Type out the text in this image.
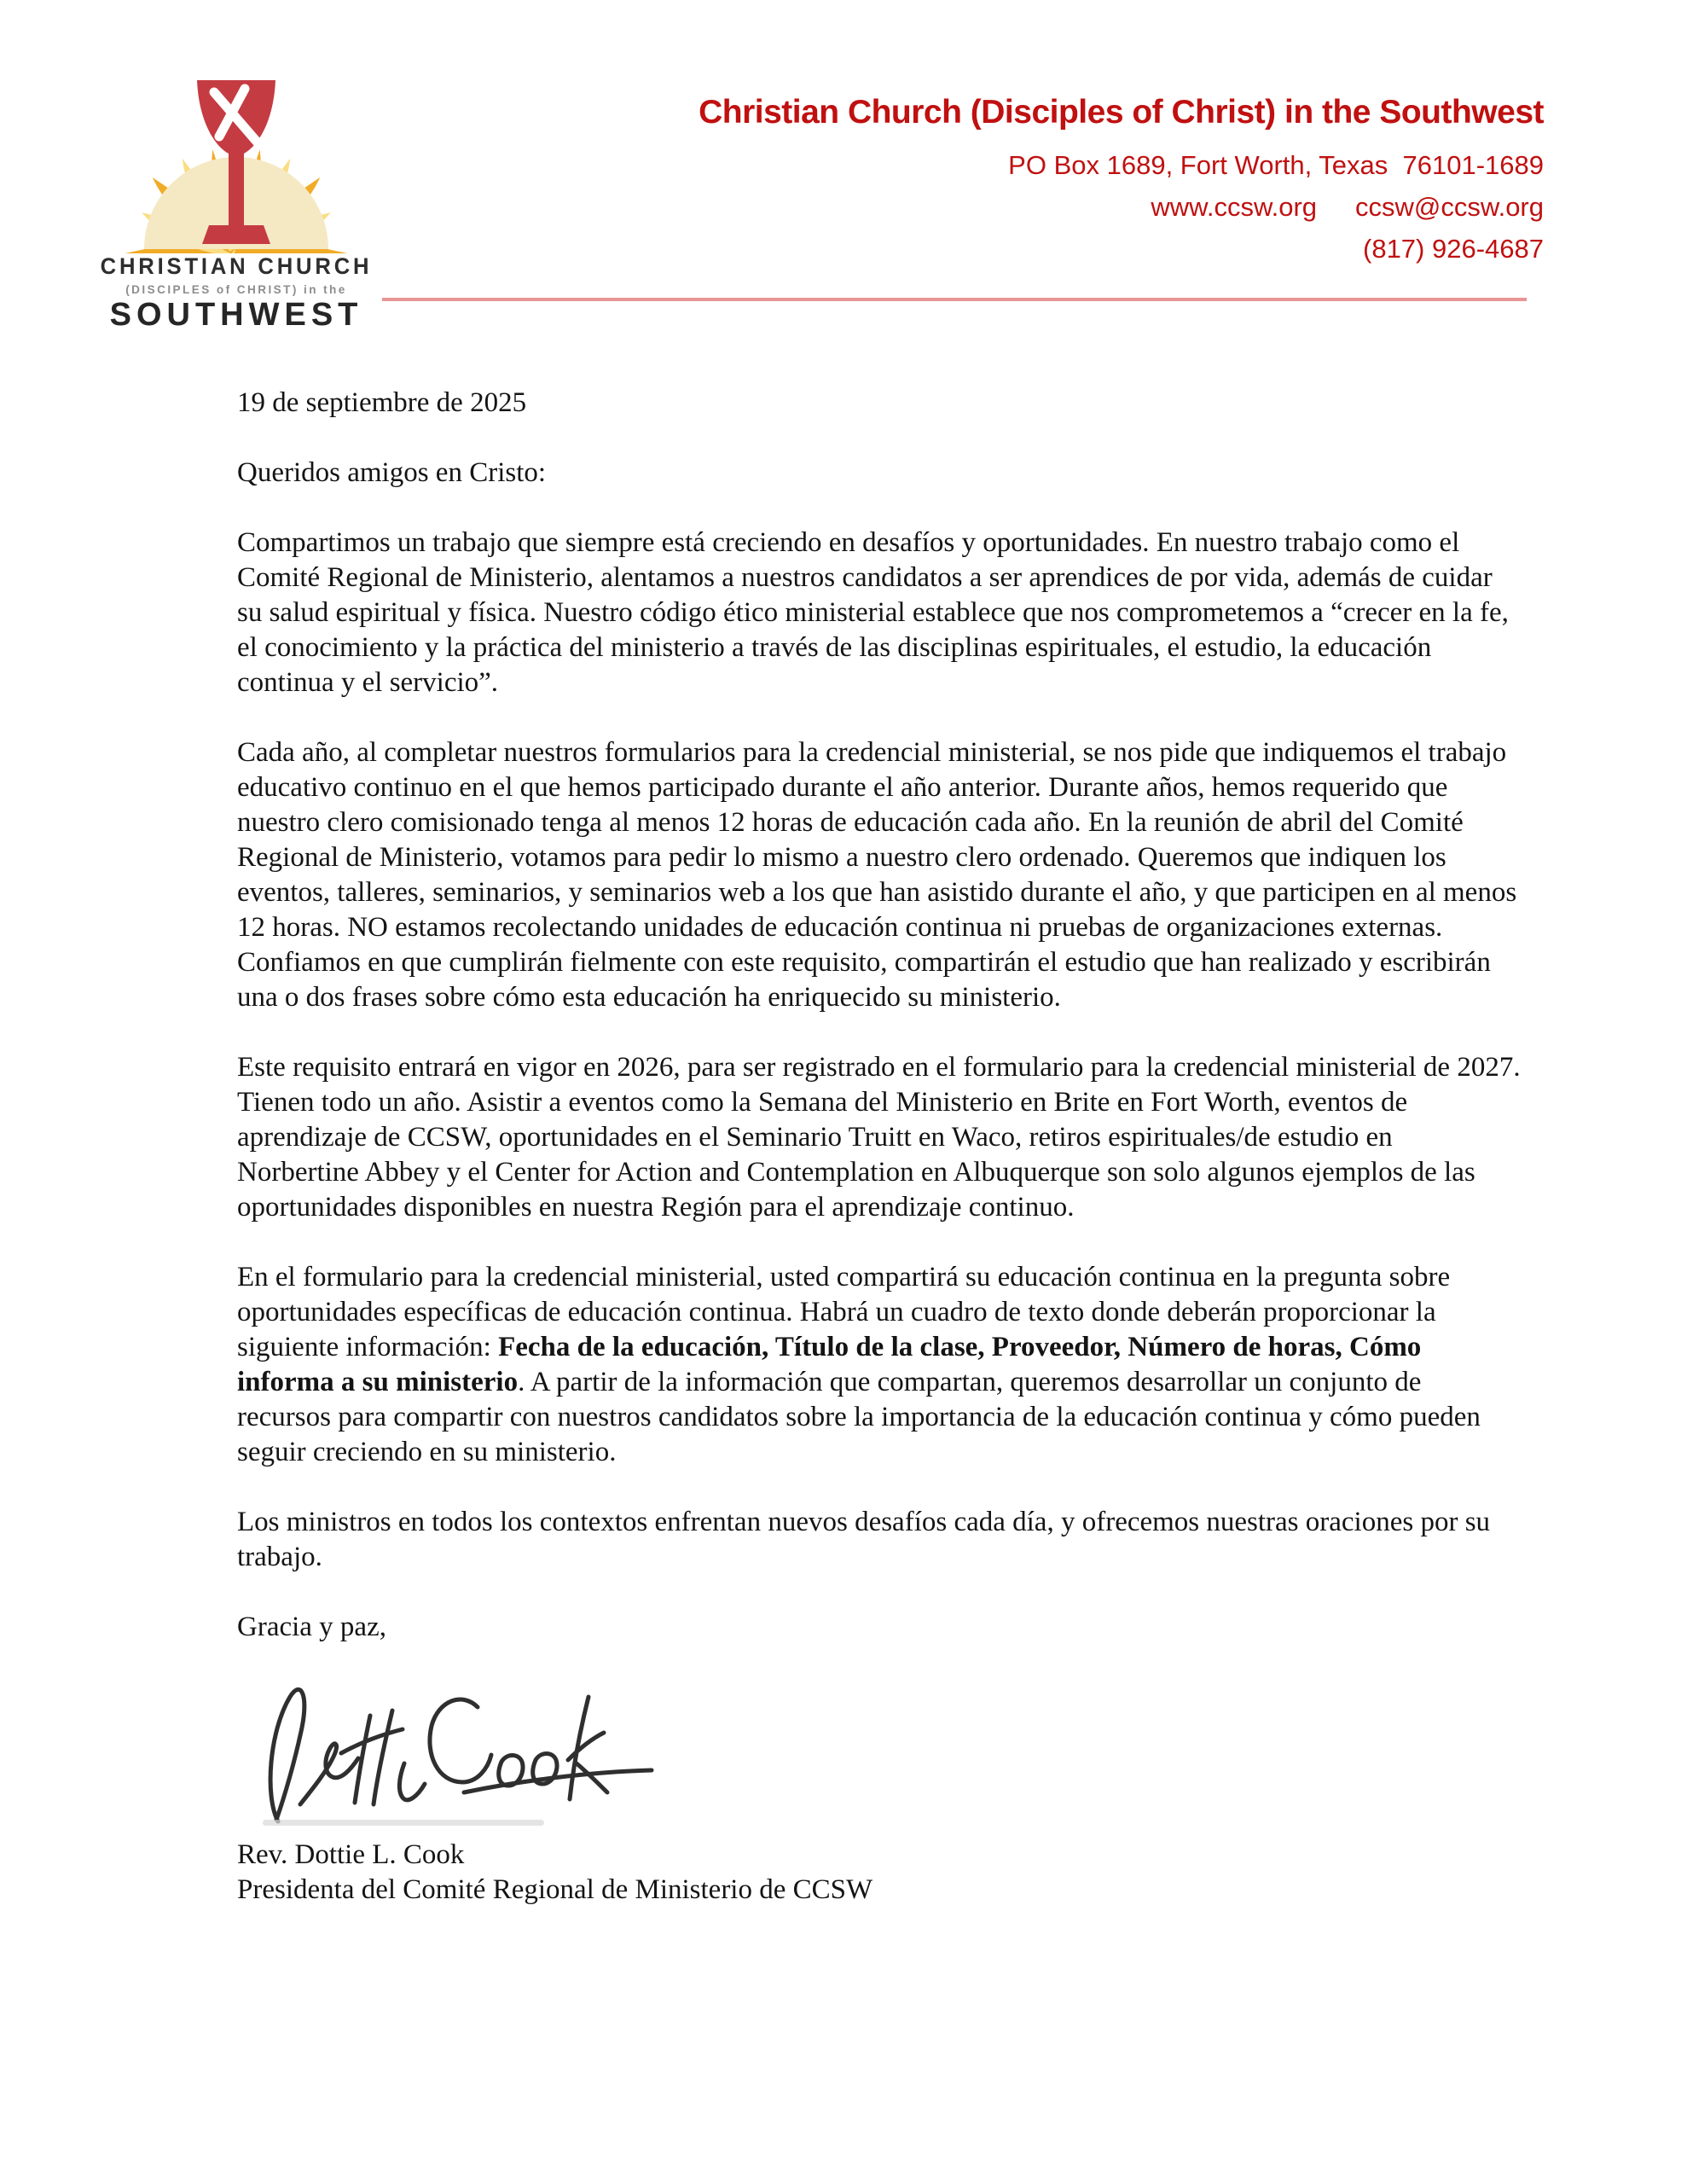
CHRISTIAN CHURCH
(DISCIPLES of CHRIST) in the
SOUTHWEST
Christian Church (Disciples of Christ) in the Southwest
PO Box 1689, Fort Worth, Texas  76101-1689
www.ccsw.org ccsw@ccsw.org
(817) 926-4687

19 de septiembre de 2025

Queridos amigos en Cristo:

Compartimos un trabajo que siempre está creciendo en desafíos y oportunidades. En nuestro trabajo como el Comité Regional de Ministerio, alentamos a nuestros candidatos a ser aprendices de por vida, además de cuidar su salud espiritual y física. Nuestro código ético ministerial establece que nos comprometemos a “crecer en la fe, el conocimiento y la práctica del ministerio a través de las disciplinas espirituales, el estudio, la educación continua y el servicio”.

Cada año, al completar nuestros formularios para la credencial ministerial, se nos pide que indiquemos el trabajo educativo continuo en el que hemos participado durante el año anterior. Durante años, hemos requerido que nuestro clero comisionado tenga al menos 12 horas de educación cada año. En la reunión de abril del Comité Regional de Ministerio, votamos para pedir lo mismo a nuestro clero ordenado. Queremos que indiquen los eventos, talleres, seminarios, y seminarios web a los que han asistido durante el año, y que participen en al menos 12 horas. NO estamos recolectando unidades de educación continua ni pruebas de organizaciones externas. Confiamos en que cumplirán fielmente con este requisito, compartirán el estudio que han realizado y escribirán una o dos frases sobre cómo esta educación ha enriquecido su ministerio.

Este requisito entrará en vigor en 2026, para ser registrado en el formulario para la credencial ministerial de 2027. Tienen todo un año. Asistir a eventos como la Semana del Ministerio en Brite en Fort Worth, eventos de aprendizaje de CCSW, oportunidades en el Seminario Truitt en Waco, retiros espirituales/de estudio en Norbertine Abbey y el Center for Action and Contemplation en Albuquerque son solo algunos ejemplos de las oportunidades disponibles en nuestra Región para el aprendizaje continuo.

En el formulario para la credencial ministerial, usted compartirá su educación continua en la pregunta sobre oportunidades específicas de educación continua. Habrá un cuadro de texto donde deberán proporcionar la siguiente información: Fecha de la educación, Título de la clase, Proveedor, Número de horas, Cómo informa a su ministerio. A partir de la información que compartan, queremos desarrollar un conjunto de recursos para compartir con nuestros candidatos sobre la importancia de la educación continua y cómo pueden seguir creciendo en su ministerio.

Los ministros en todos los contextos enfrentan nuevos desafíos cada día, y ofrecemos nuestras oraciones por su trabajo.

Gracia y paz,

Rev. Dottie L. Cook
Presidenta del Comité Regional de Ministerio de CCSW
